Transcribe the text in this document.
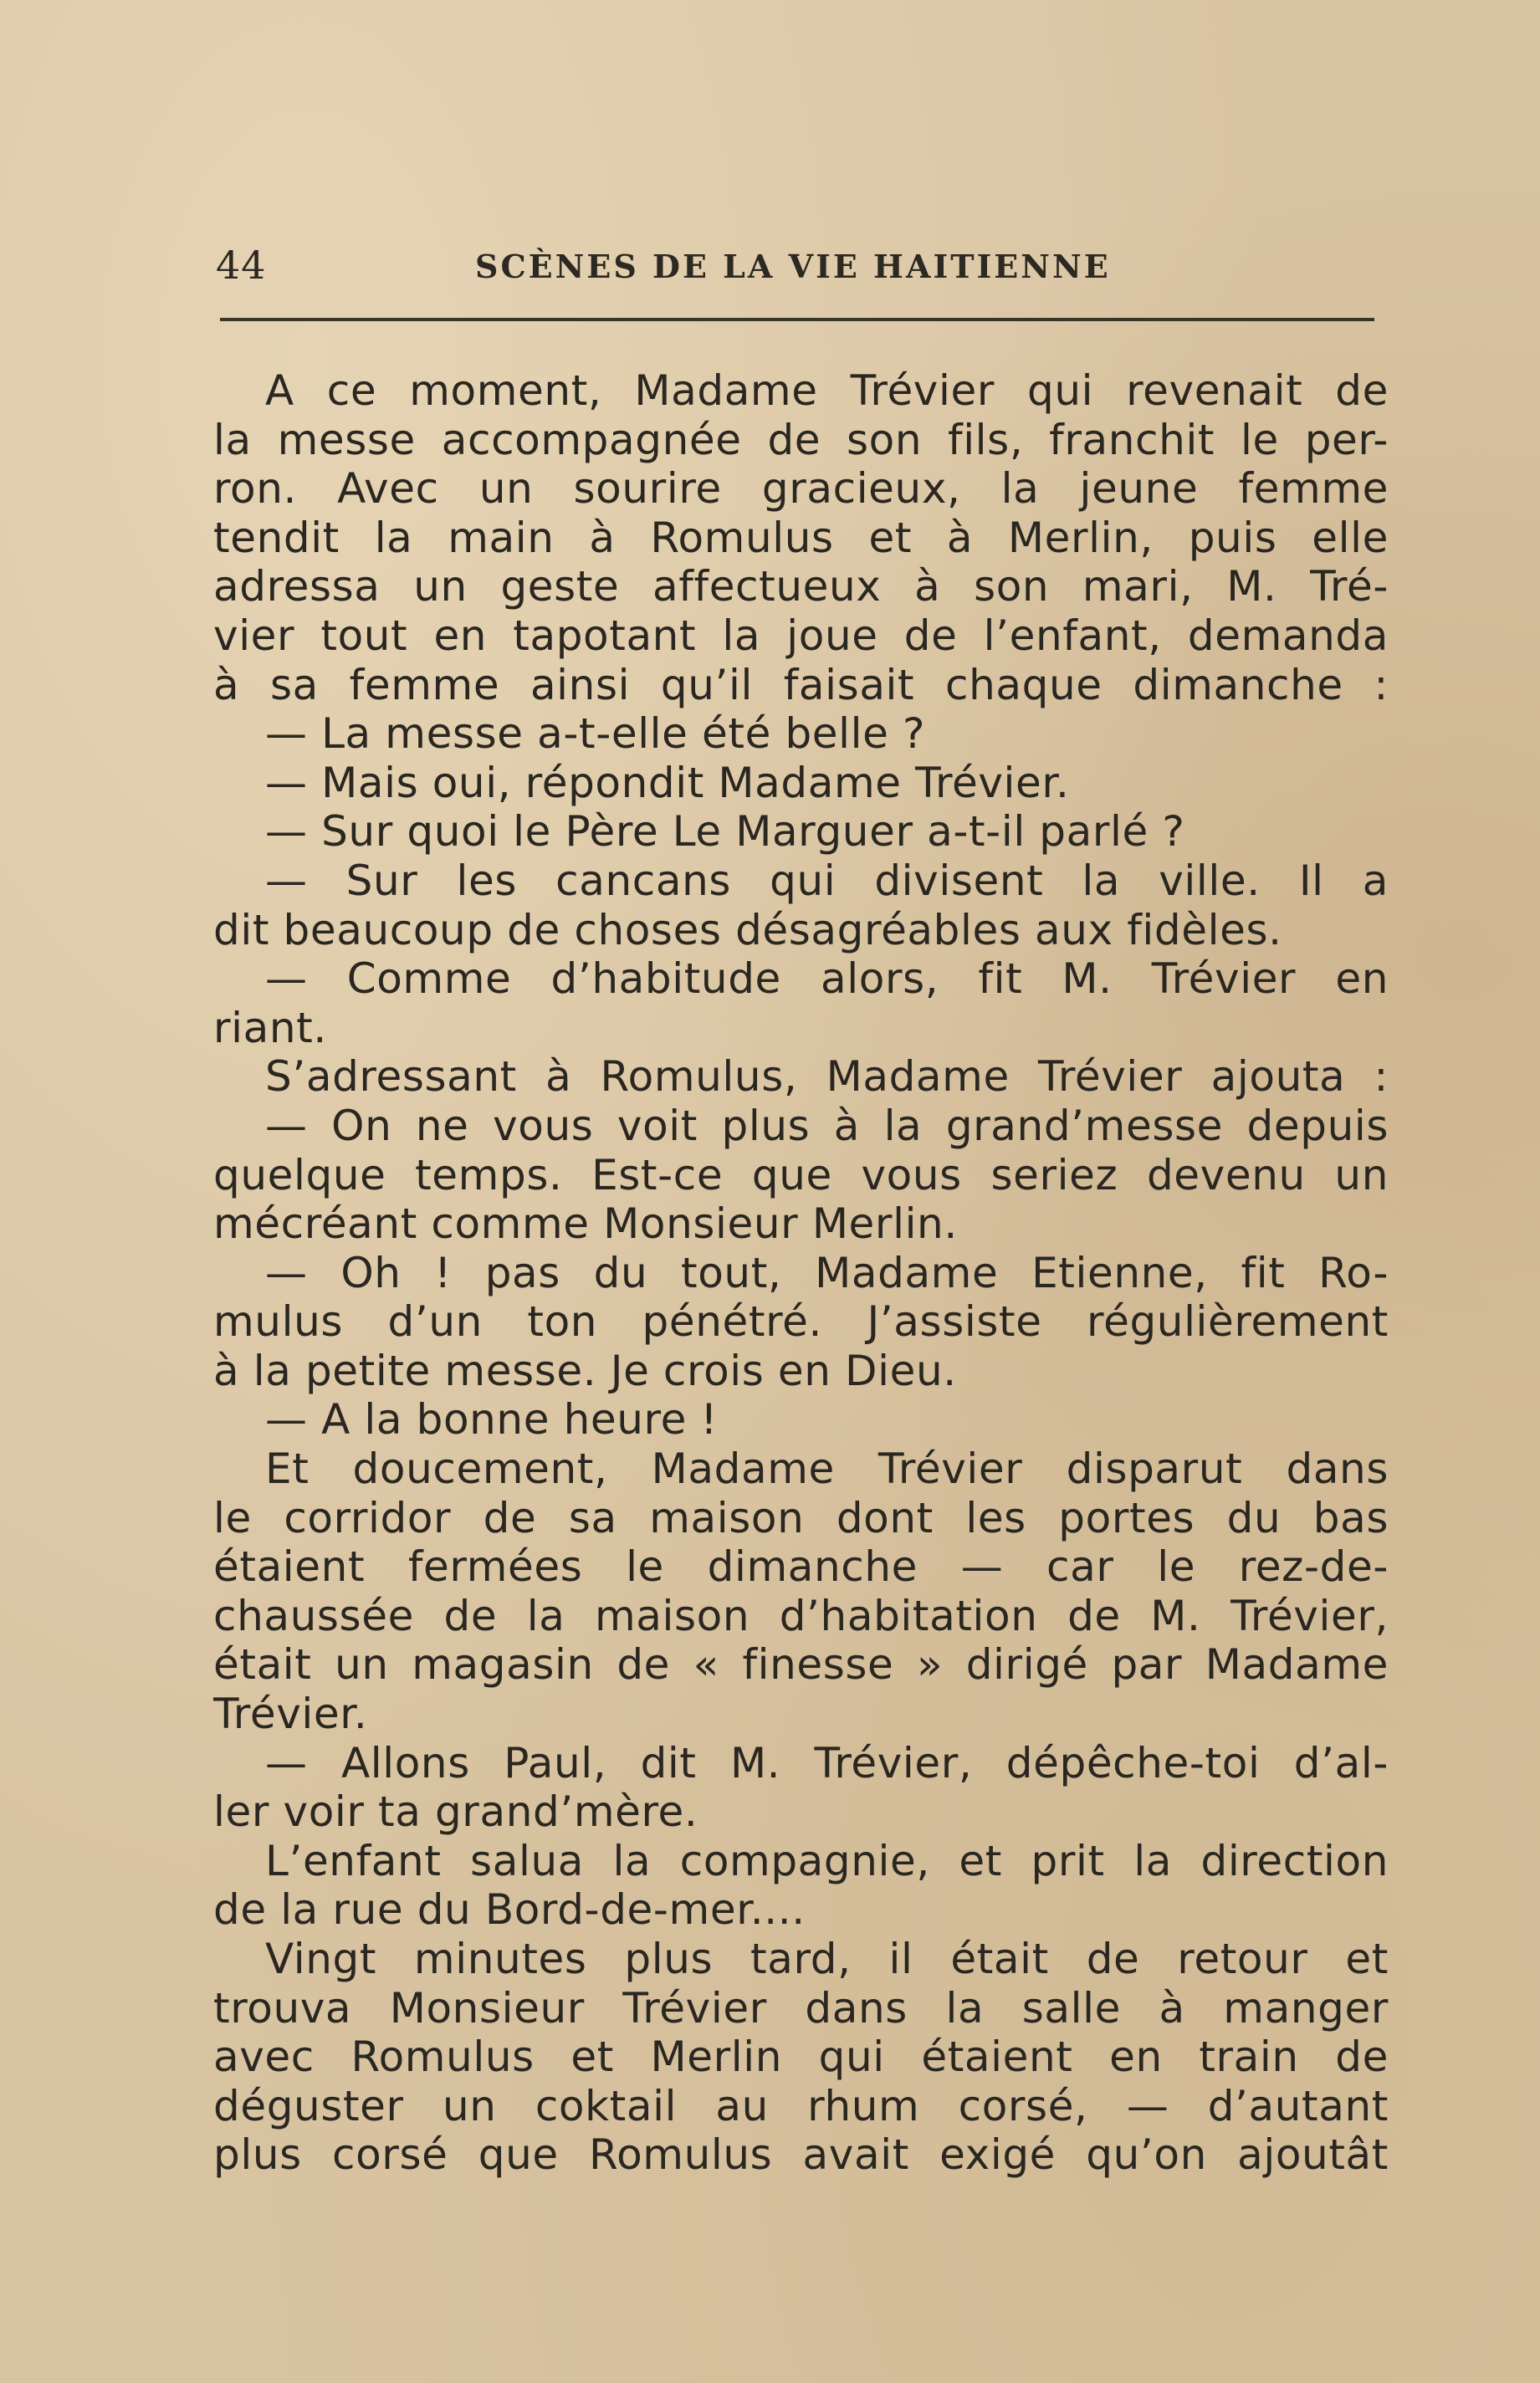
44	SCÈNES DE LA VIE HAITIENNE
A ce moment, Madame Trévier qui revenait de
la messe accompagnée de son fils, franchit le per-
ron. Avec un sourire gracieux, la jeune femme
tendit la main à Romulus et à Merlin, puis elle
adressa un geste affectueux à son mari, M. Tré-
vier tout en tapotant la joue de l’enfant, demanda
à sa femme ainsi qu’il faisait chaque dimanche :
— La messe a-t-elle été belle ?
— Mais oui, répondit Madame Trévier.
— Sur quoi le Père Le Marguer a-t-il parlé ?
— Sur les cancans qui divisent la ville. Il a
dit beaucoup de choses désagréables aux fidèles.
— Comme d’habitude alors, fit M. Trévier en
riant.
S’adressant à Romulus, Madame Trévier ajouta :
— On ne vous voit plus à la grand’messe depuis
quelque temps. Est-ce que vous seriez devenu un
mécréant comme Monsieur Merlin.
— Oh ! pas du tout, Madame Etienne, fit Ro-
mulus d’un ton pénétré. J’assiste régulièrement
à la petite messe. Je crois en Dieu.
— A la bonne heure !
Et doucement, Madame Trévier disparut dans
le corridor de sa maison dont les portes du bas
étaient fermées le dimanche — car le rez-de-
chaussée de la maison d’habitation de M. Trévier,
était un magasin de « finesse » dirigé par Madame
Trévier.
— Allons Paul, dit M. Trévier, dépêche-toi d’al-
ler voir ta grand’mère.
L’enfant salua la compagnie, et prit la direction
de la rue du Bord-de-mer....
Vingt minutes plus tard, il était de retour et
trouva Monsieur Trévier dans la salle à manger
avec Romulus et Merlin qui étaient en train de
déguster un coktail au rhum corsé, — d’autant
plus corsé que Romulus avait exigé qu’on ajoutât
